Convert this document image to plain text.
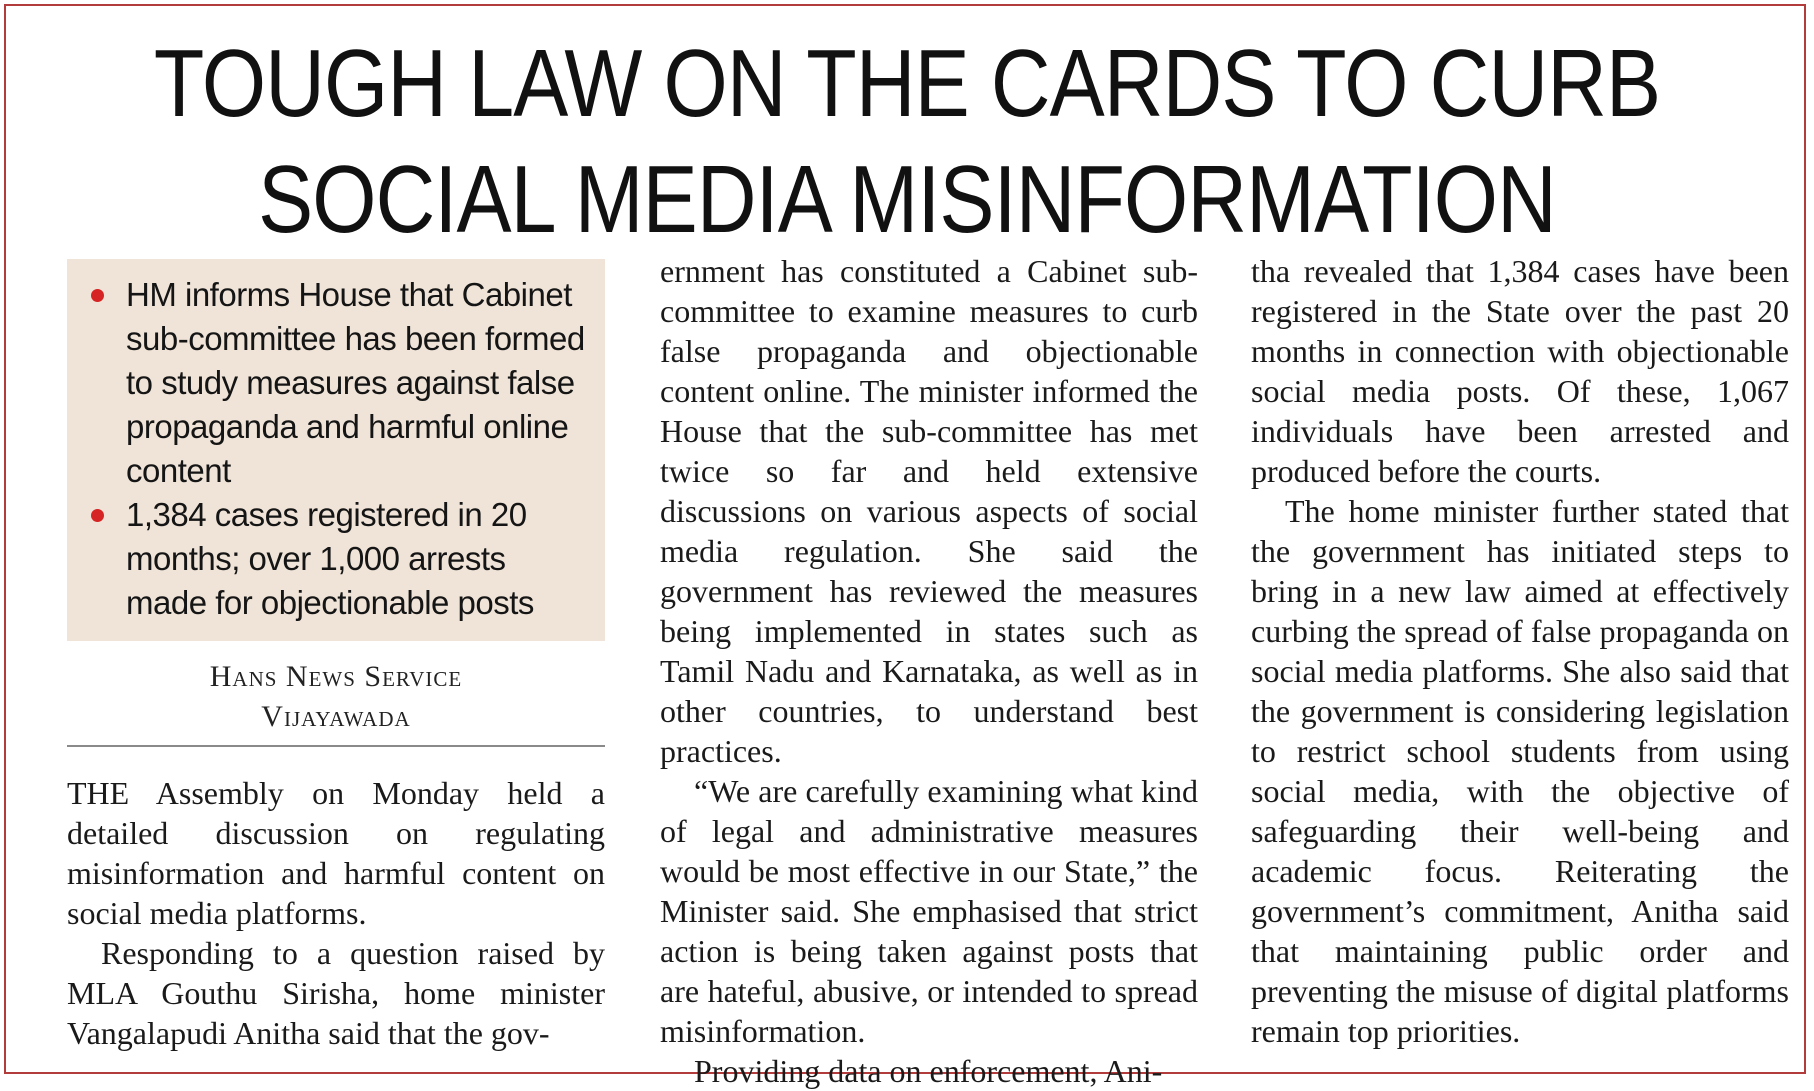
TOUGH LAW ON THE CARDS TO CURB
SOCIAL MEDIA MISINFORMATION
HM informs House that Cabinet sub-committee has been formed to study measures against false propaganda and harmful online content
1,384 cases registered in 20 months; over 1,000 arrests made for objectionable posts
Hans News Service
Vijayawada

THE Assembly on Monday held a detailed discussion on regulating misinformation and harmful content on social media platforms.

Responding to a question raised by MLA Gouthu Sirisha, home minister Vangalapudi Anitha said that the gov-

ernment has constituted a Cabinet sub-committee to examine measures to curb false propaganda and objectionable content online. The minister informed the House that the sub-committee has met twice so far and held extensive discussions on various aspects of social media regulation. She said the government has reviewed the measures being implemented in states such as Tamil Nadu and Karnataka, as well as in other countries, to understand best practices.

“We are carefully examining what kind of legal and administrative measures would be most effective in our State,” the Minister said. She emphasised that strict action is being taken against posts that are hateful, abusive, or intended to spread misinformation.

Providing data on enforcement, Ani-

tha revealed that 1,384 cases have been registered in the State over the past 20 months in connection with objectionable social media posts. Of these, 1,067 individuals have been arrested and produced before the courts.

The home minister further stated that the government has initiated steps to bring in a new law aimed at effectively curbing the spread of false propaganda on social media platforms. She also said that the government is considering legislation to restrict school students from using social media, with the objective of safeguarding their well-being and academic focus. Reiterating the government’s commitment, Anitha said that maintaining public order and preventing the misuse of digital platforms remain top priorities.
